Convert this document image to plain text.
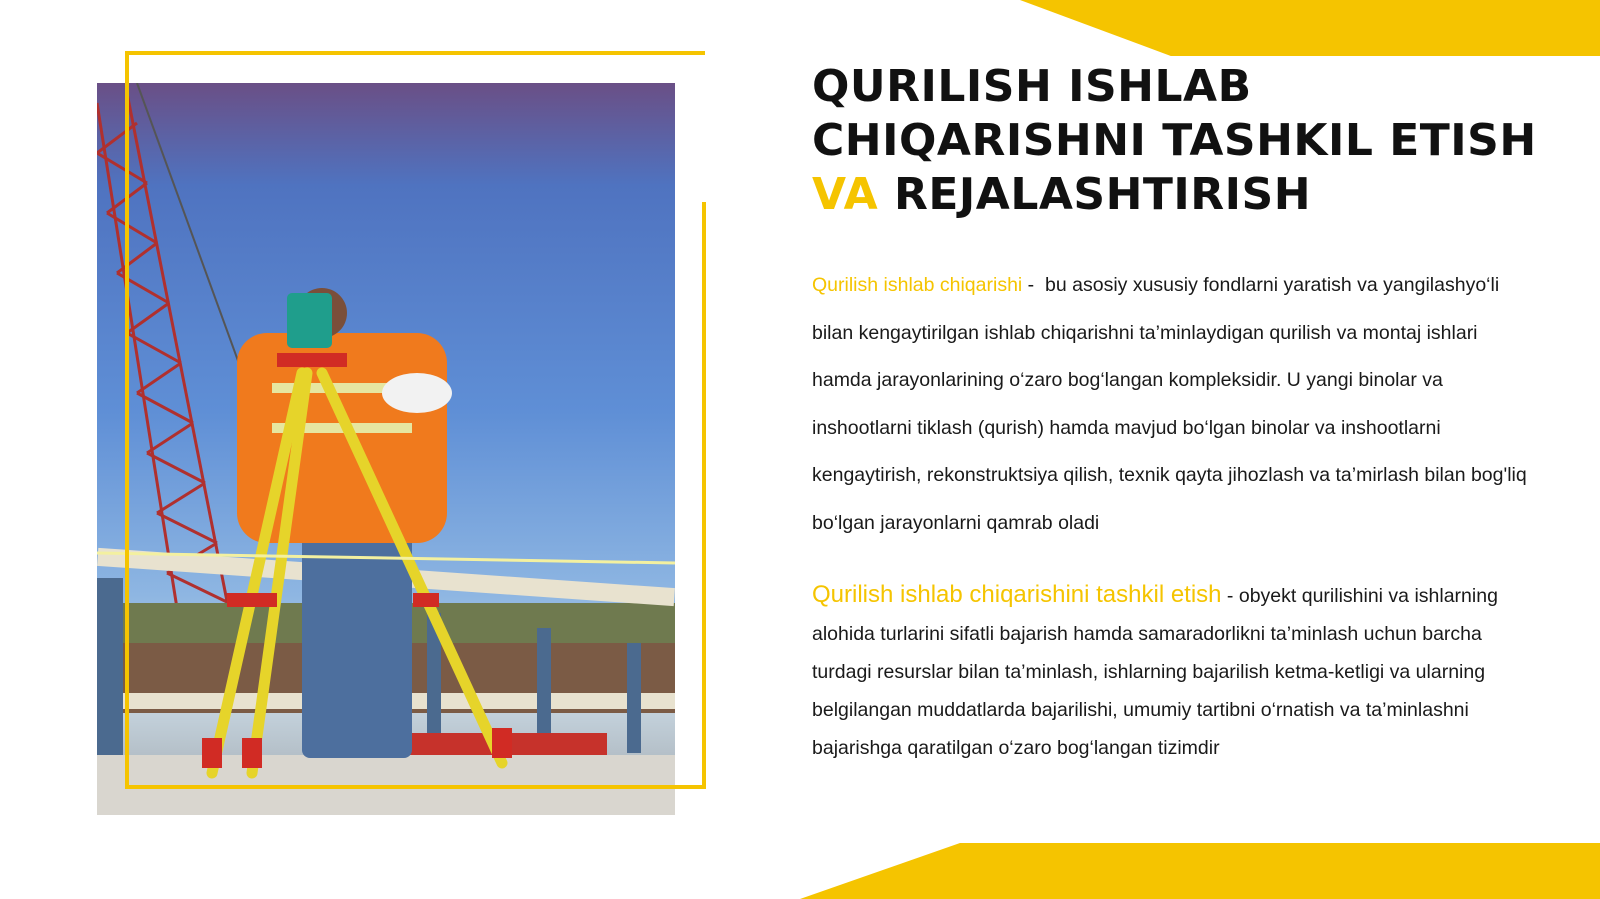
QURILISH ISHLAB
CHIQARISHNI TASHKIL ETISH
VA REJALASHTIRISH
Qurilish ishlab chiqarishi -  bu asosiy xususiy fondlarni yaratish va yangilashyo‘li bilan kengaytirilgan ishlab chiqarishni ta’minlaydigan qurilish va montaj ishlari hamda jarayonlarining o‘zaro bog‘langan kompleksidir. U yangi binolar va inshootlarni tiklash (qurish) hamda mavjud bo‘lgan binolar va inshootlarni kengaytirish, rekonstruktsiya qilish, texnik qayta jihozlash va ta’mirlash bilan bog'liq bo‘lgan jarayonlarni qamrab oladi
Qurilish ishlab chiqarishini tashkil etish - obyekt qurilishini va ishlarning alohida turlarini sifatli bajarish hamda samaradorlikni ta’minlash uchun barcha turdagi resurslar bilan ta’minlash, ishlarning bajarilish ketma-ketligi va ularning belgilangan muddatlarda bajarilishi, umumiy tartibni o‘rnatish va ta’minlashni bajarishga qaratilgan o‘zaro bog‘langan tizimdir
